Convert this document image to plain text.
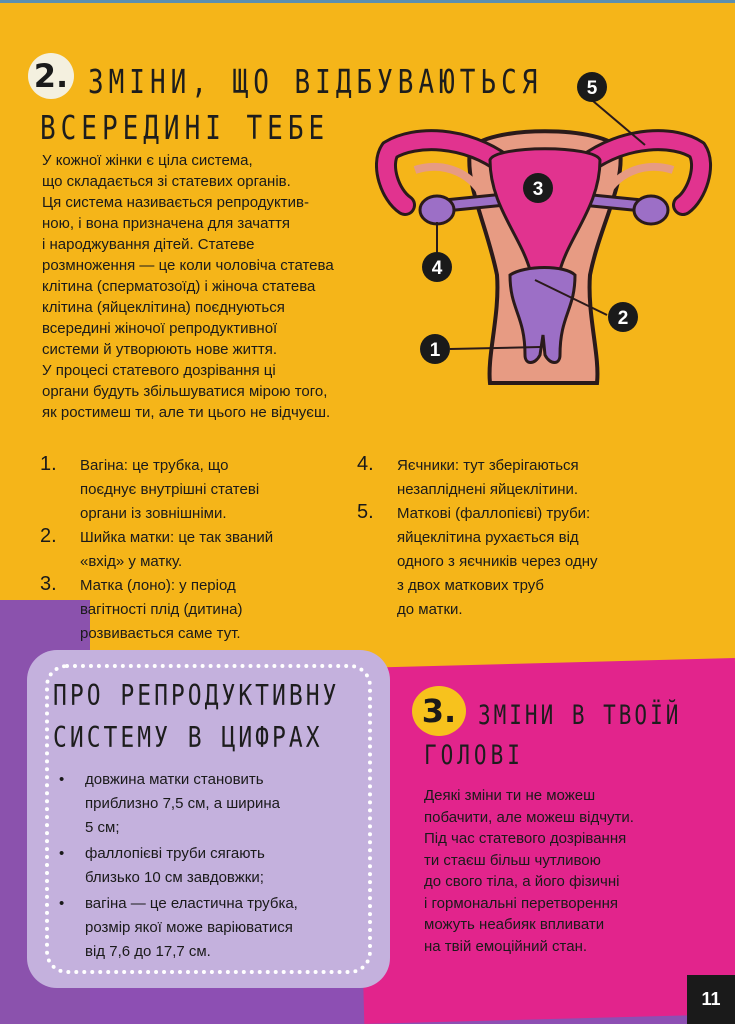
2. ЗМІНИ, ЩО ВІДБУВАЮТЬСЯ
ВСЕРЕДИНІ ТЕБЕ

У кожної жінки є ціла система,

що складається зі статевих органів.

Ця система називається репродуктив-

ною, і вона призначена для зачаття

і народжування дітей. Статеве

розмноження — це коли чоловіча статева

клітина (сперматозоїд) і жіноча статева

клітина (яйцеклітина) поєднуються

всередині жіночої репродуктивної

системи й утворюють нове життя.

У процесі статевого дозрівання ці

органи будуть збільшуватися мірою того,

як ростимеш ти, але ти цього не відчуєш.

5
3
4
2
1
1. Вагіна: це трубка, що
поєднує внутрішні статеві
органи із зовнішніми.
2. Шийка матки: це так званий
«вхід» у матку.
3. Матка (лоно): у період
вагітності плід (дитина)
розвивається саме тут.
4. Яєчники: тут зберігаються
незапліднені яйцеклітини.
5. Маткові (фаллопієві) труби:
яйцеклітина рухається від
одного з яєчників через одну
з двох маткових труб
до матки.
ПРО РЕПРОДУКТИВНУ
СИСТЕМУ В ЦИФРАХ
• довжина матки становить
приблизно 7,5 см, а ширина
5 см;
• фаллопієві труби сягають
близько 10 см завдовжки;
• вагіна — це еластична трубка,
розмір якої може варіюватися
від 7,6 до 17,7 см.
3.	ЗМІНИ В ТВОЇЙ
ГОЛОВІ
Деякі зміни ти не можеш
побачити, але можеш відчути.
Під час статевого дозрівання
ти стаєш більш чутливою
до свого тіла, а його фізичні
і гормональні перетворення
можуть неабияк впливати
на твій емоційний стан.
11
